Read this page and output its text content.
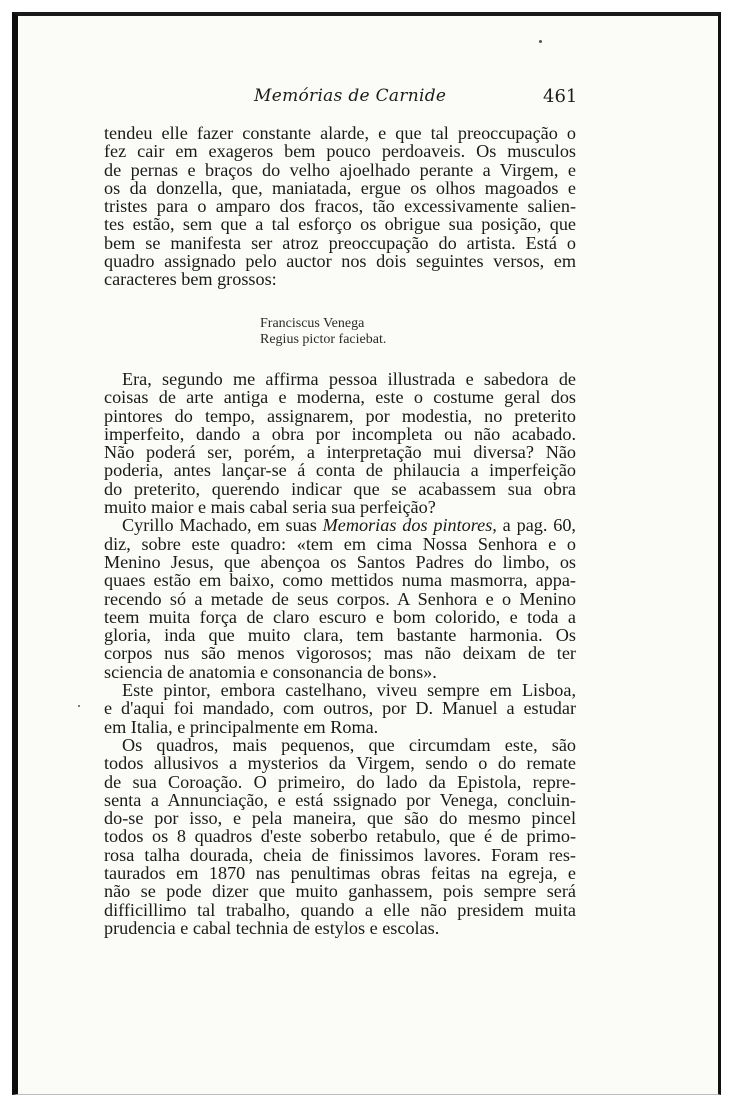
Memórias de Carnide	461
tendeu elle fazer constante alarde, e que tal preoccupação o
fez cair em exageros bem pouco perdoaveis. Os musculos
de pernas e braços do velho ajoelhado perante a Virgem, e
os da donzella, que, maniatada, ergue os olhos magoados e
tristes para o amparo dos fracos, tão excessivamente salien-
tes estão, sem que a tal esforço os obrigue sua posição, que
bem se manifesta ser atroz preoccupação do artista. Está o
quadro assignado pelo auctor nos dois seguintes versos, em
caracteres bem grossos:
Franciscus Venega
Regius pictor faciebat.
Era, segundo me affirma pessoa illustrada e sabedora de
coisas de arte antiga e moderna, este o costume geral dos
pintores do tempo, assignarem, por modestia, no preterito
imperfeito, dando a obra por incompleta ou não acabado.
Não poderá ser, porém, a interpretação mui diversa? Não
poderia, antes lançar-se á conta de philaucia a imperfeição
do preterito, querendo indicar que se acabassem sua obra
muito maior e mais cabal seria sua perfeição?
Cyrillo Machado, em suas Memorias dos pintores, a pag. 60,
diz, sobre este quadro: «tem em cima Nossa Senhora e o
Menino Jesus, que abençoa os Santos Padres do limbo, os
quaes estão em baixo, como mettidos numa masmorra, appa-
recendo só a metade de seus corpos. A Senhora e o Menino
teem muita força de claro escuro e bom colorido, e toda a
gloria, inda que muito clara, tem bastante harmonia. Os
corpos nus são menos vigorosos; mas não deixam de ter
sciencia de anatomia e consonancia de bons».
Este pintor, embora castelhano, viveu sempre em Lisboa,
e d'aqui foi mandado, com outros, por D. Manuel a estudar
em Italia, e principalmente em Roma.
Os quadros, mais pequenos, que circumdam este, são
todos allusivos a mysterios da Virgem, sendo o do remate
de sua Coroação. O primeiro, do lado da Epistola, repre-
senta a Annunciação, e está ssignado por Venega, concluin-
do-se por isso, e pela maneira, que são do mesmo pincel
todos os 8 quadros d'este soberbo retabulo, que é de primo-
rosa talha dourada, cheia de finissimos lavores. Foram res-
taurados em 1870 nas penultimas obras feitas na egreja, e
não se pode dizer que muito ganhassem, pois sempre será
difficillimo tal trabalho, quando a elle não presidem muita
prudencia e cabal technia de estylos e escolas.
